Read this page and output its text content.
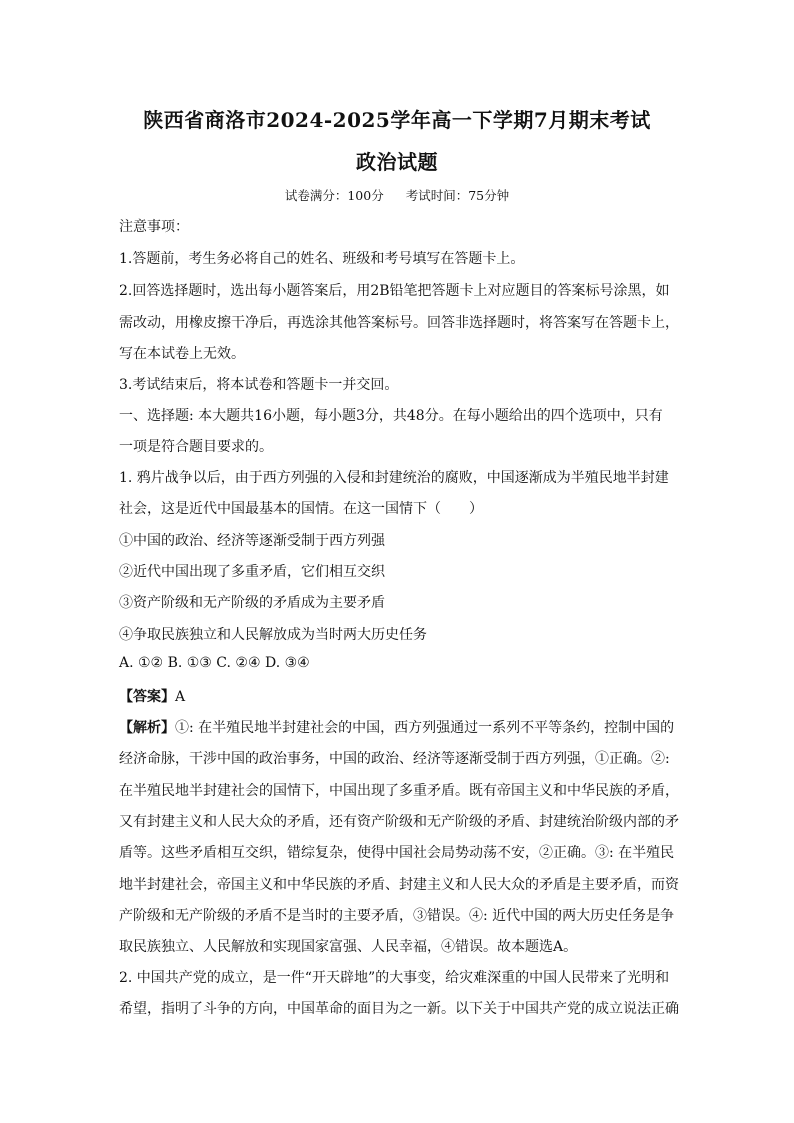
陕西省商洛市2024-2025学年高一下学期7月期末考试
政治试题
试卷满分：100分 考试时间：75分钟
注意事项：
1.答题前，考生务必将自己的姓名、班级和考号填写在答题卡上。
2.回答选择题时，选出每小题答案后，用2B铅笔把答题卡上对应题目的答案标号涂黑，如
需改动，用橡皮擦干净后，再选涂其他答案标号。回答非选择题时，将答案写在答题卡上，
写在本试卷上无效。
3.考试结束后，将本试卷和答题卡一并交回。
一、选择题: 本大题共16小题，每小题3分，共48分。在每小题给出的四个选项中，只有
一项是符合题目要求的。
1. 鸦片战争以后，由于西方列强的入侵和封建统治的腐败，中国逐渐成为半殖民地半封建
社会，这是近代中国最基本的国情。在这一国情下（　　）
①中国的政治、经济等逐渐受制于西方列强
②近代中国出现了多重矛盾，它们相互交织
③资产阶级和无产阶级的矛盾成为主要矛盾
④争取民族独立和人民解放成为当时两大历史任务
A. ①② B. ①③ C. ②④ D. ③④
【答案】A
【解析】①: 在半殖民地半封建社会的中国，西方列强通过一系列不平等条约，控制中国的
经济命脉，干涉中国的政治事务，中国的政治、经济等逐渐受制于西方列强，①正确。②:
在半殖民地半封建社会的国情下，中国出现了多重矛盾。既有帝国主义和中华民族的矛盾，
又有封建主义和人民大众的矛盾，还有资产阶级和无产阶级的矛盾、封建统治阶级内部的矛
盾等。这些矛盾相互交织，错综复杂，使得中国社会局势动荡不安，②正确。③: 在半殖民
地半封建社会，帝国主义和中华民族的矛盾、封建主义和人民大众的矛盾是主要矛盾，而资
产阶级和无产阶级的矛盾不是当时的主要矛盾，③错误。④: 近代中国的两大历史任务是争
取民族独立、人民解放和实现国家富强、人民幸福，④错误。故本题选A。
2. 中国共产党的成立，是一件“开天辟地”的大事变，给灾难深重的中国人民带来了光明和
希望，指明了斗争的方向，中国革命的面目为之一新。以下关于中国共产党的成立说法正确
